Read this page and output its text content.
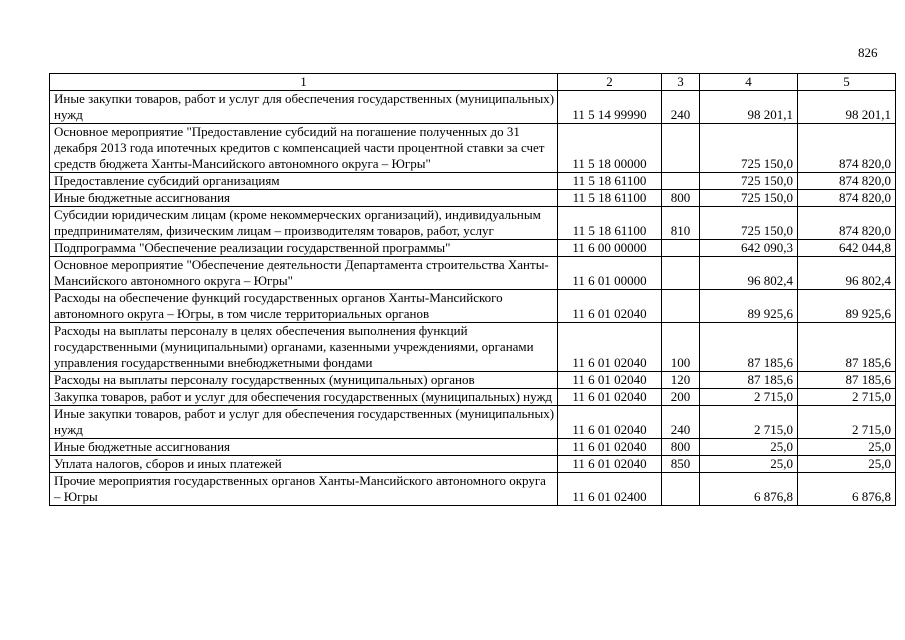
826
1	2	3	4	5
Иные закупки товаров, работ и услуг для обеспечения государственных (муниципальных) нужд	11 5 14 99990	240	98 201,1	98 201,1
Основное мероприятие "Предоставление субсидий на погашение полученных до 31 декабря 2013 года ипотечных кредитов с компенсацией части процентной ставки за счет средств бюджета Ханты-Мансийского автономного округа – Югры"	11 5 18 00000		725 150,0	874 820,0
Предоставление субсидий организациям	11 5 18 61100		725 150,0	874 820,0
Иные бюджетные ассигнования	11 5 18 61100	800	725 150,0	874 820,0
Субсидии юридическим лицам (кроме некоммерческих организаций), индивидуальным предпринимателям, физическим лицам – производителям товаров, работ, услуг	11 5 18 61100	810	725 150,0	874 820,0
Подпрограмма "Обеспечение реализации государственной программы"	11 6 00 00000		642 090,3	642 044,8
Основное мероприятие "Обеспечение деятельности Департамента строительства Ханты-Мансийского автономного округа – Югры"	11 6 01 00000		96 802,4	96 802,4
Расходы на обеспечение функций государственных органов Ханты-Мансийского автономного округа – Югры, в том числе территориальных органов	11 6 01 02040		89 925,6	89 925,6
Расходы на выплаты персоналу в целях обеспечения выполнения функций государственными (муниципальными) органами, казенными учреждениями, органами управления государственными внебюджетными фондами	11 6 01 02040	100	87 185,6	87 185,6
Расходы на выплаты персоналу государственных (муниципальных) органов	11 6 01 02040	120	87 185,6	87 185,6
Закупка товаров, работ и услуг для обеспечения государственных (муниципальных) нужд	11 6 01 02040	200	2 715,0	2 715,0
Иные закупки товаров, работ и услуг для обеспечения государственных (муниципальных) нужд	11 6 01 02040	240	2 715,0	2 715,0
Иные бюджетные ассигнования	11 6 01 02040	800	25,0	25,0
Уплата налогов, сборов и иных платежей	11 6 01 02040	850	25,0	25,0
Прочие мероприятия государственных органов Ханты-Мансийского автономного округа – Югры	11 6 01 02400		6 876,8	6 876,8
